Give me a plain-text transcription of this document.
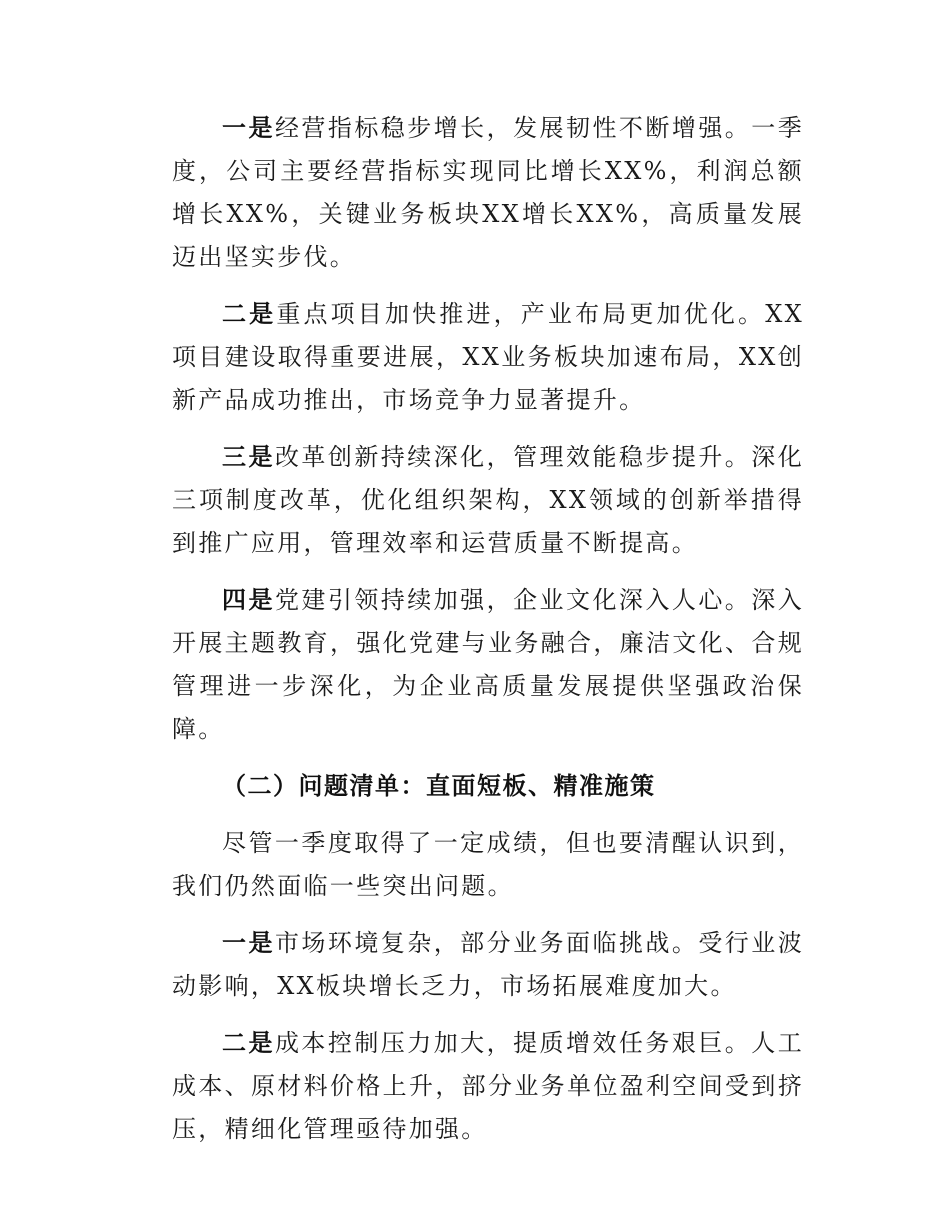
一是经营指标稳步增长，发展韧性不断增强。一季度，公司主要经营指标实现同比增长XX%，利润总额增长XX%，关键业务板块XX增长XX%，高质量发展迈出坚实步伐。

二是重点项目加快推进，产业布局更加优化。XX项目建设取得重要进展，XX业务板块加速布局，XX创新产品成功推出，市场竞争力显著提升。

三是改革创新持续深化，管理效能稳步提升。深化三项制度改革，优化组织架构，XX领域的创新举措得到推广应用，管理效率和运营质量不断提高。

四是党建引领持续加强，企业文化深入人心。深入开展主题教育，强化党建与业务融合，廉洁文化、合规管理进一步深化，为企业高质量发展提供坚强政治保障。

（二）问题清单：直面短板、精准施策

尽管一季度取得了一定成绩，但也要清醒认识到，我们仍然面临一些突出问题。

一是市场环境复杂，部分业务面临挑战。受行业波动影响，XX板块增长乏力，市场拓展难度加大。

二是成本控制压力加大，提质增效任务艰巨。人工成本、原材料价格上升，部分业务单位盈利空间受到挤压，精细化管理亟待加强。
